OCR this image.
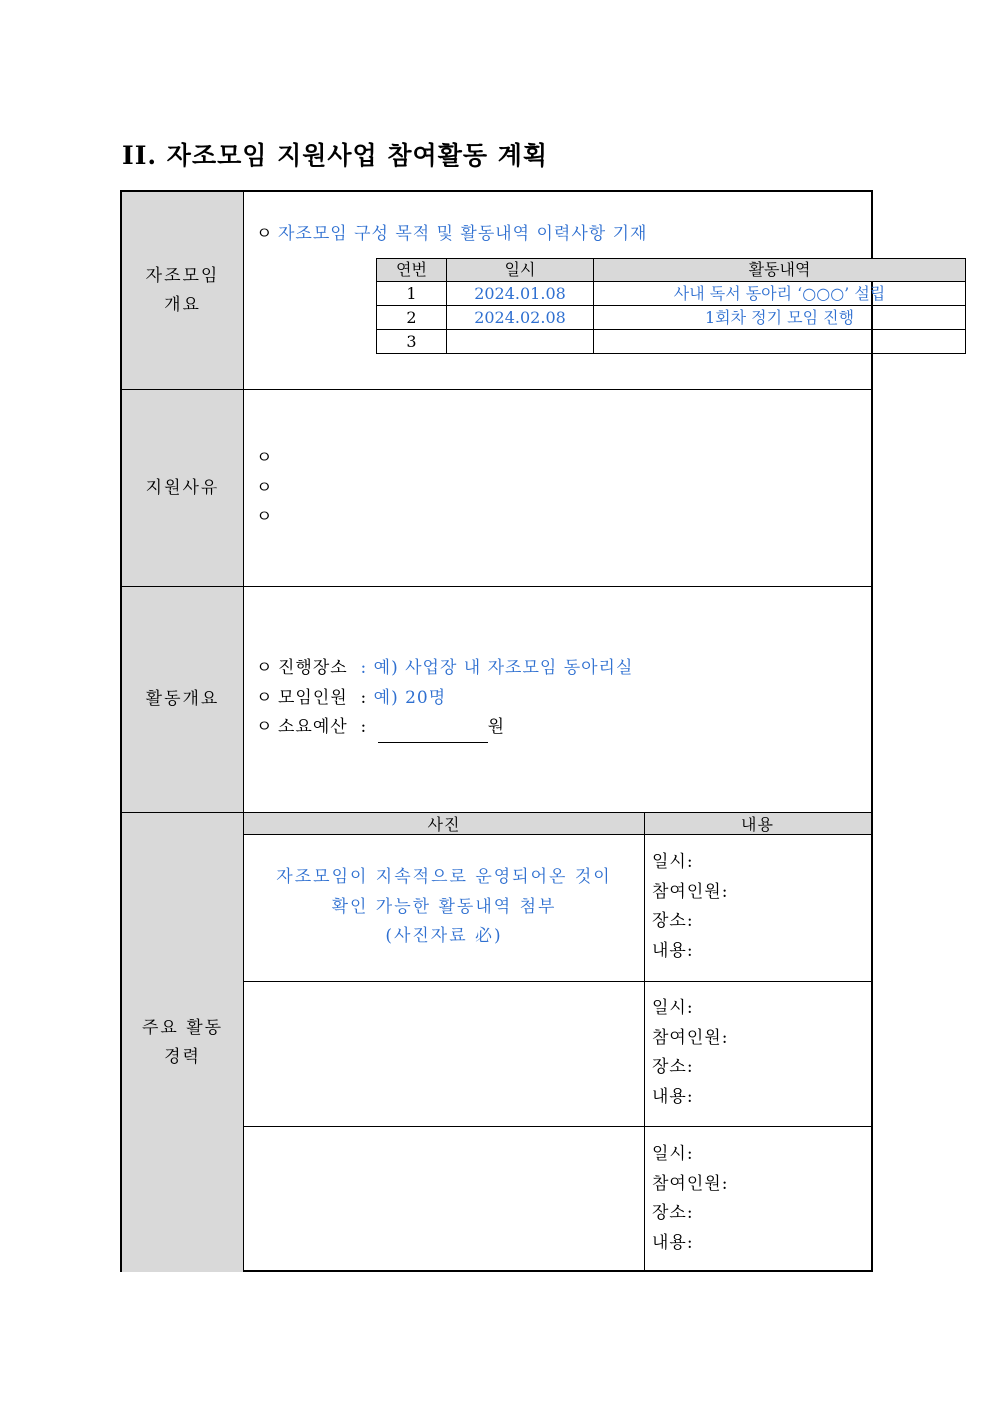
II. 자조모임 지원사업 참여활동 계획
자조모임
개요
ㅇ 자조모임 구성 목적 및 활동내역 이력사항 기재
연번	일시	활동내역
1	2024.01.08	사내 독서 동아리 ‘○○○’ 설립
2	2024.02.08	1회차 정기 모임 진행
3		
지원사유
ㅇ
ㅇ
ㅇ
활동개요
ㅇ 진행장소 : 예) 사업장 내 자조모임 동아리실
ㅇ 모임인원 : 예) 20명
ㅇ 소요예산 :	원
주요 활동
경력
사진	내용
자조모임이 지속적으로 운영되어온 것이
확인 가능한 활동내역 첨부
(사진자료 必)
일시:
참여인원:
장소:
내용:
일시:
참여인원:
장소:
내용:
일시:
참여인원:
장소:
내용:
